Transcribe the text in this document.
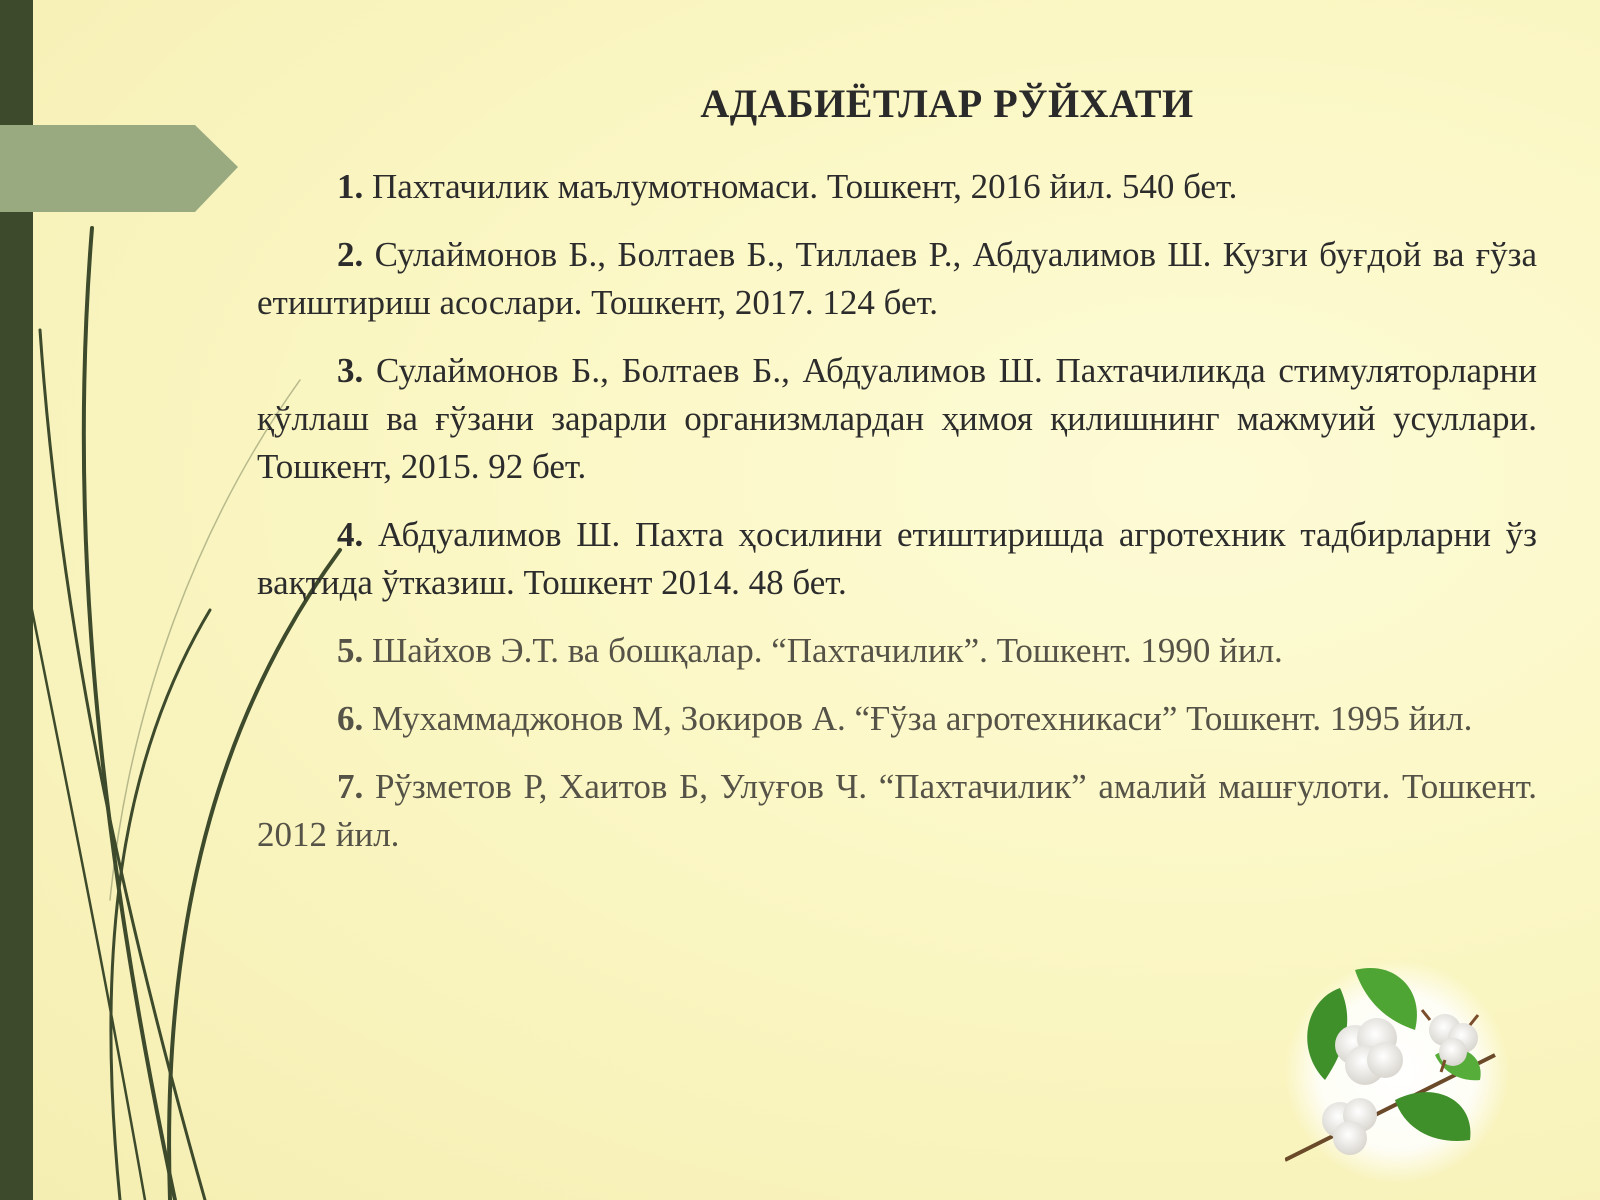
АДАБИЁТЛАР РЎЙХАТИ

1. Пахтачилик маълумотномаси. Тошкент, 2016 йил. 540 бет.

2. Сулаймонов Б., Болтаев Б., Тиллаев Р., Абдуалимов Ш. Кузги буғдой ва ғўза етиштириш асослари. Тошкент, 2017. 124 бет.

3. Сулаймонов Б., Болтаев Б., Абдуалимов Ш. Пахтачиликда стимуляторларни қўллаш ва ғўзани зарарли организмлардан ҳимоя қилишнинг мажмуий усуллари. Тошкент, 2015. 92 бет.

4. Абдуалимов Ш. Пахта ҳосилини етиштиришда агротехник тадбирларни ўз вақтида ўтказиш. Тошкент 2014. 48 бет.

5. Шайхов Э.Т. ва бошқалар. “Пахтачилик”. Тошкент. 1990 йил.

6. Мухаммаджонов М, Зокиров А. “Ғўза агротехникаси” Тошкент. 1995 йил.

7. Рўзметов Р, Хаитов Б, Улуғов Ч. “Пахтачилик” амалий машғулоти. Тошкент. 2012 йил.
